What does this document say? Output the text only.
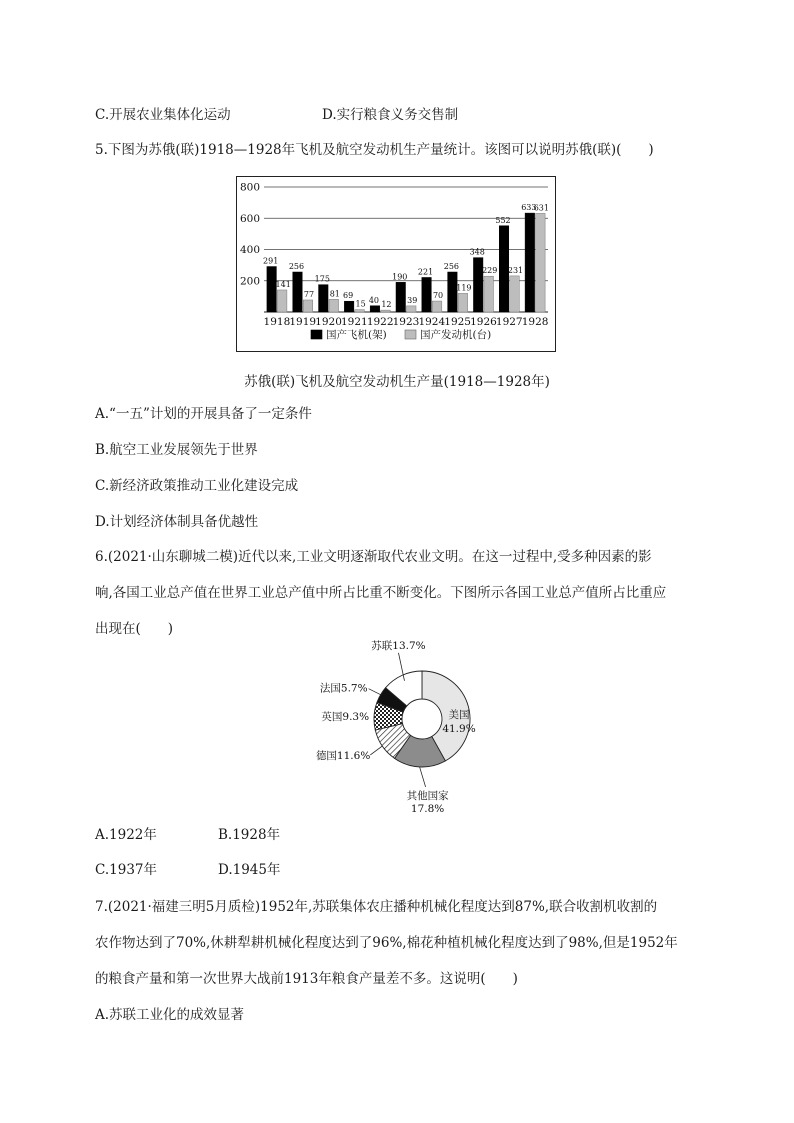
C.开展农业集体化运动	D.实行粮食义务交售制
5.下图为苏俄(联)1918—1928年飞机及航空发动机生产量统计。该图可以说明苏俄(联)(　　)
200
400
600
800
291
141
1918
256
77
1919
175
81
1920
69
15
1921
40 12
1922
190
39
1923
221
70
1924
256
119
1925
348
229
1926
552
231
1927
633
631
1928
国产飞机(架)	国产发动机(台)
苏俄(联)飞机及航空发动机生产量(1918—1928年)
A.“一五”计划的开展具备了一定条件
B.航空工业发展领先于世界
C.新经济政策推动工业化建设完成
D.计划经济体制具备优越性
6.(2021·山东聊城二模)近代以来,工业文明逐渐取代农业文明。在这一过程中,受多种因素的影
响,各国工业总产值在世界工业总产值中所占比重不断变化。下图所示各国工业总产值所占比重应
出现在(　　)
美国
41.9%
其他国家
17.8%
德国11.6%
英国9.3%
法国5.7%
苏联13.7%
A.1922年	B.1928年
C.1937年	D.1945年
7.(2021·福建三明5月质检)1952年,苏联集体农庄播种机械化程度达到87%,联合收割机收割的
农作物达到了70%,休耕犁耕机械化程度达到了96%,棉花种植机械化程度达到了98%,但是1952年
的粮食产量和第一次世界大战前1913年粮食产量差不多。这说明(　　)
A.苏联工业化的成效显著
